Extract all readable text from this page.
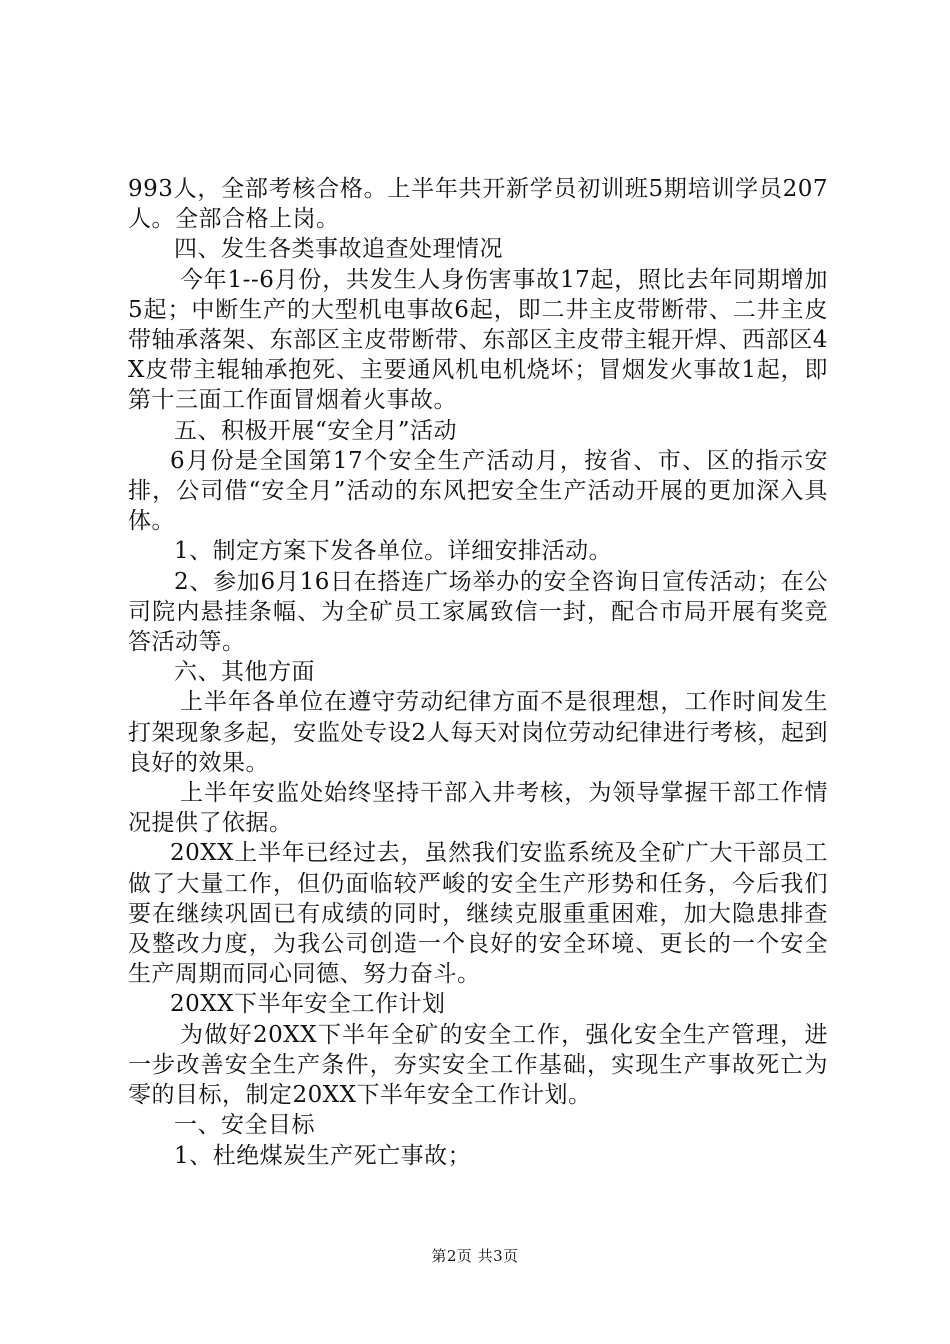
993人，全部考核合格。上半年共开新学员初训班5期培训学员207人。全部合格上岗。

四、发生各类事故追查处理情况

今年1--6月份，共发生人身伤害事故17起，照比去年同期增加5起；中断生产的大型机电事故6起，即二井主皮带断带、二井主皮带轴承落架、东部区主皮带断带、东部区主皮带主辊开焊、西部区4X皮带主辊轴承抱死、主要通风机电机烧坏；冒烟发火事故1起，即第十三面工作面冒烟着火事故。

五、积极开展“安全月”活动

6月份是全国第17个安全生产活动月，按省、市、区的指示安排，公司借“安全月”活动的东风把安全生产活动开展的更加深入具体。

1、制定方案下发各单位。详细安排活动。

2、参加6月16日在搭连广场举办的安全咨询日宣传活动；在公司院内悬挂条幅、为全矿员工家属致信一封，配合市局开展有奖竞答活动等。

六、其他方面

上半年各单位在遵守劳动纪律方面不是很理想，工作时间发生打架现象多起，安监处专设2人每天对岗位劳动纪律进行考核，起到良好的效果。

上半年安监处始终坚持干部入井考核，为领导掌握干部工作情况提供了依据。

20XX上半年已经过去，虽然我们安监系统及全矿广大干部员工做了大量工作，但仍面临较严峻的安全生产形势和任务，今后我们要在继续巩固已有成绩的同时，继续克服重重困难，加大隐患排查及整改力度，为我公司创造一个良好的安全环境、更长的一个安全生产周期而同心同德、努力奋斗。

20XX下半年安全工作计划

为做好20XX下半年全矿的安全工作，强化安全生产管理，进一步改善安全生产条件，夯实安全工作基础，实现生产事故死亡为零的目标，制定20XX下半年安全工作计划。

一、安全目标

1、杜绝煤炭生产死亡事故；

第2页 共3页
